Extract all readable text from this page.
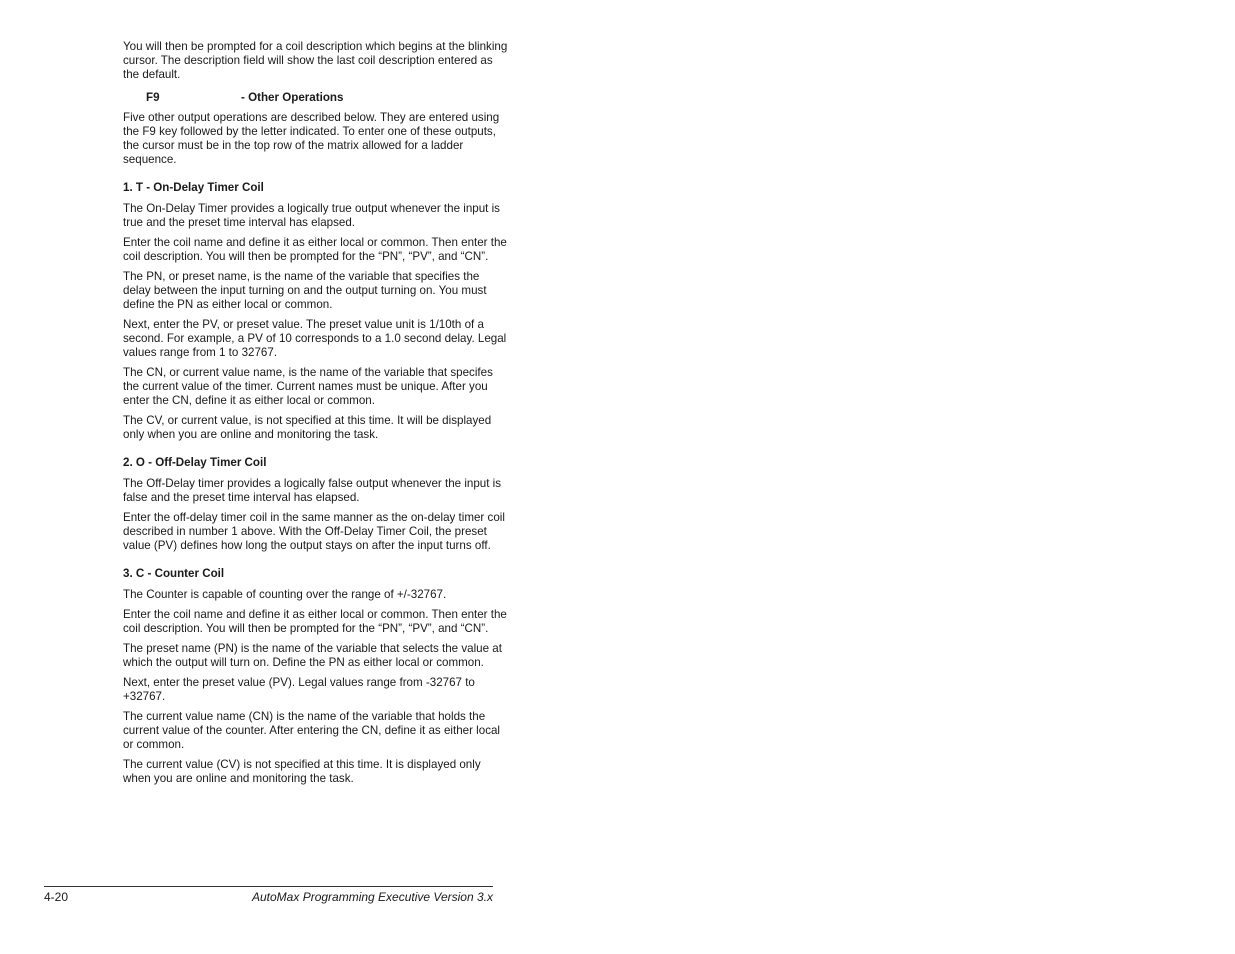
You will then be prompted for a coil description which begins at the blinking cursor. The description field will show the last coil description entered as the default.

F9	- Other Operations

Five other output operations are described below. They are entered using the F9 key followed by the letter indicated. To enter one of these outputs, the cursor must be in the top row of the matrix allowed for a ladder sequence.

1. T - On-Delay Timer Coil

The On-Delay Timer provides a logically true output whenever the input is true and the preset time interval has elapsed.

Enter the coil name and define it as either local or common. Then enter the coil description. You will then be prompted for the “PN”, “PV”, and “CN”.

The PN, or preset name, is the name of the variable that specifies the delay between the input turning on and the output turning on. You must define the PN as either local or common.

Next, enter the PV, or preset value. The preset value unit is 1/10th of a second. For example, a PV of 10 corresponds to a 1.0 second delay. Legal values range from 1 to 32767.

The CN, or current value name, is the name of the variable that specifes the current value of the timer. Current names must be unique. After you enter the CN, define it as either local or common.

The CV, or current value, is not specified at this time. It will be displayed only when you are online and monitoring the task.

2. O - Off-Delay Timer Coil

The Off-Delay timer provides a logically false output whenever the input is false and the preset time interval has elapsed.

Enter the off-delay timer coil in the same manner as the on-delay timer coil described in number 1 above. With the Off-Delay Timer Coil, the preset value (PV) defines how long the output stays on after the input turns off.

3. C - Counter Coil

The Counter is capable of counting over the range of +/-32767.

Enter the coil name and define it as either local or common. Then enter the coil description. You will then be prompted for the “PN”, “PV”, and “CN”.

The preset name (PN) is the name of the variable that selects the value at which the output will turn on. Define the PN as either local or common.

Next, enter the preset value (PV). Legal values range from -32767 to +32767.

The current value name (CN) is the name of the variable that holds the current value of the counter. After entering the CN, define it as either local or common.

The current value (CV) is not specified at this time. It is displayed only when you are online and monitoring the task.

4-20	AutoMax Programming Executive Version 3.x
